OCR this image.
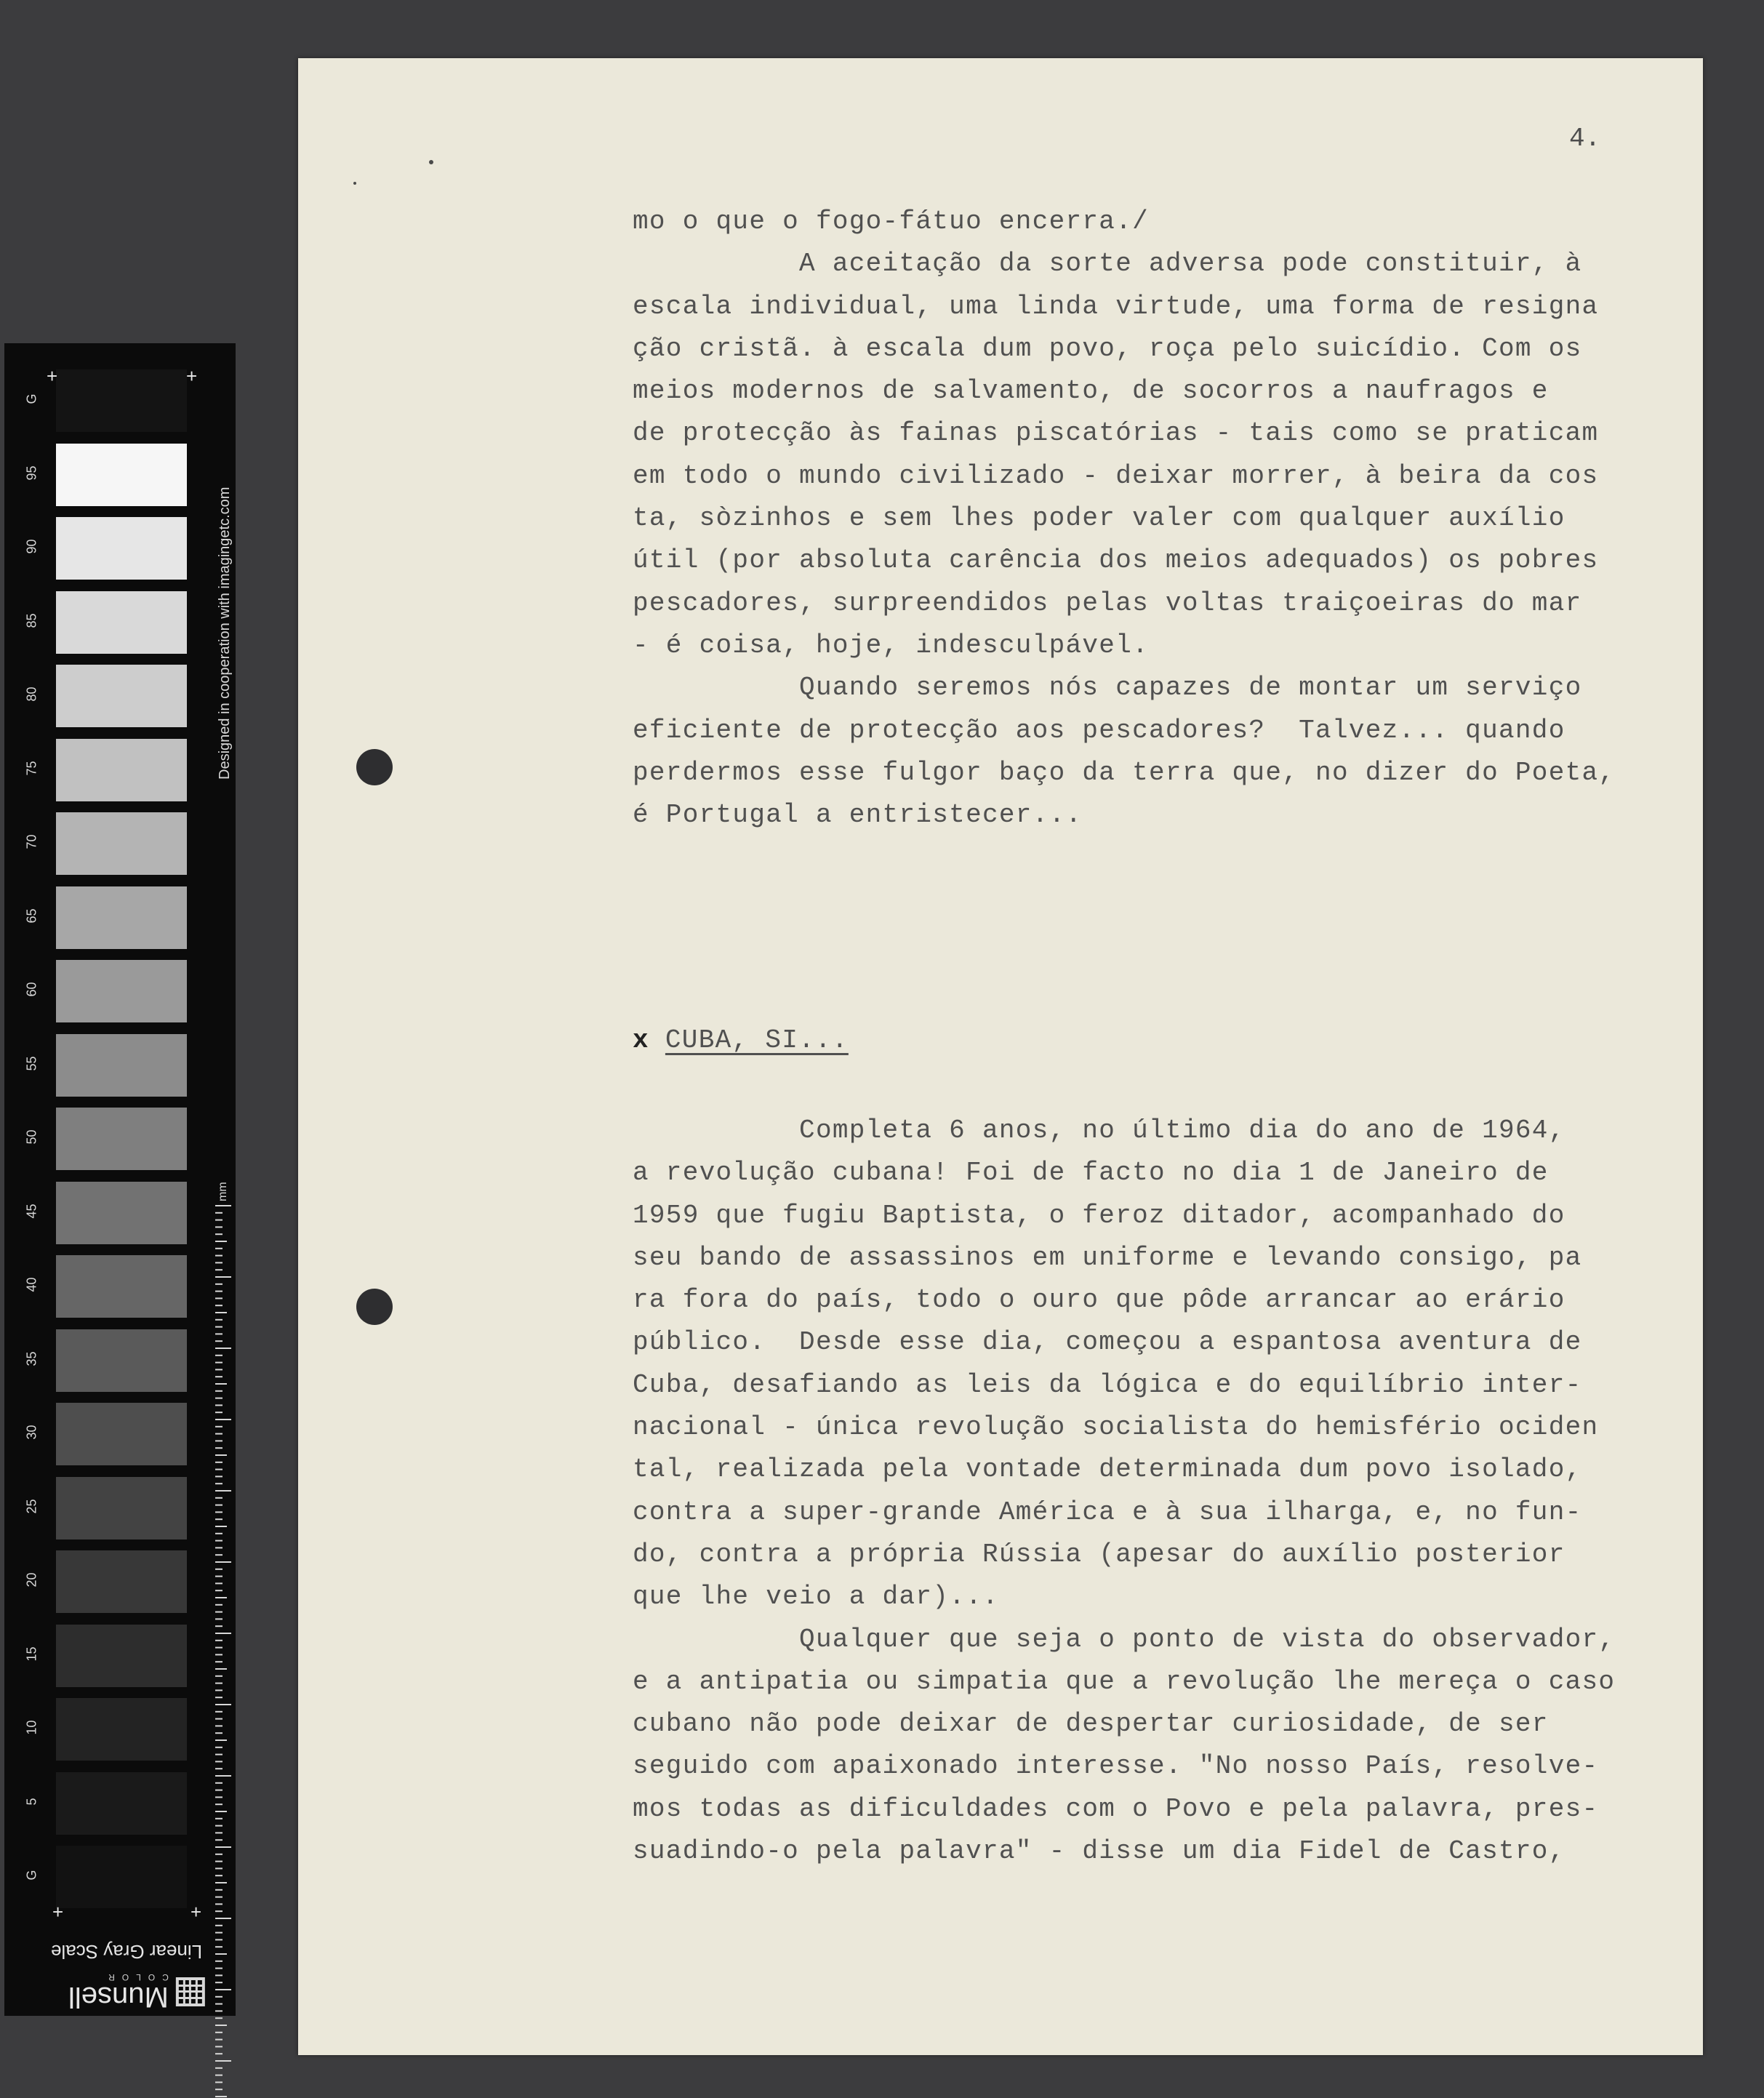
G
95
90
85
80
75
70
65
60
55
50
45
40
35
30
25
20
15
10
5
G
+	+
+	+
Designed in cooperation with imagingetc.com
mm
Linear Gray Scale
Munsell
COLOR
4.
mo o que o fogo-fátuo encerra./
A aceitação da sorte adversa pode constituir, à
escala individual, uma linda virtude, uma forma de resigna
ção cristã. à escala dum povo, roça pelo suicídio. Com os
meios modernos de salvamento, de socorros a naufragos e
de protecção às fainas piscatórias - tais como se praticam
em todo o mundo civilizado - deixar morrer, à beira da cos
ta, sòzinhos e sem lhes poder valer com qualquer auxílio
útil (por absoluta carência dos meios adequados) os pobres
pescadores, surpreendidos pelas voltas traiçoeiras do mar
- é coisa, hoje, indesculpável.
Quando seremos nós capazes de montar um serviço
eficiente de protecção aos pescadores?  Talvez... quando
perdermos esse fulgor baço da terra que, no dizer do Poeta,
é Portugal a entristecer...
x CUBA, SI...
Completa 6 anos, no último dia do ano de 1964,
a revolução cubana! Foi de facto no dia 1 de Janeiro de
1959 que fugiu Baptista, o feroz ditador, acompanhado do
seu bando de assassinos em uniforme e levando consigo, pa
ra fora do país, todo o ouro que pôde arrancar ao erário
público.  Desde esse dia, começou a espantosa aventura de
Cuba, desafiando as leis da lógica e do equilíbrio inter-
nacional - única revolução socialista do hemisfério ociden
tal, realizada pela vontade determinada dum povo isolado,
contra a super-grande América e à sua ilharga, e, no fun-
do, contra a própria Rússia (apesar do auxílio posterior
que lhe veio a dar)...
Qualquer que seja o ponto de vista do observador,
e a antipatia ou simpatia que a revolução lhe mereça o caso
cubano não pode deixar de despertar curiosidade, de ser
seguido com apaixonado interesse. "No nosso País, resolve-
mos todas as dificuldades com o Povo e pela palavra, pres-
suadindo-o pela palavra" - disse um dia Fidel de Castro,
